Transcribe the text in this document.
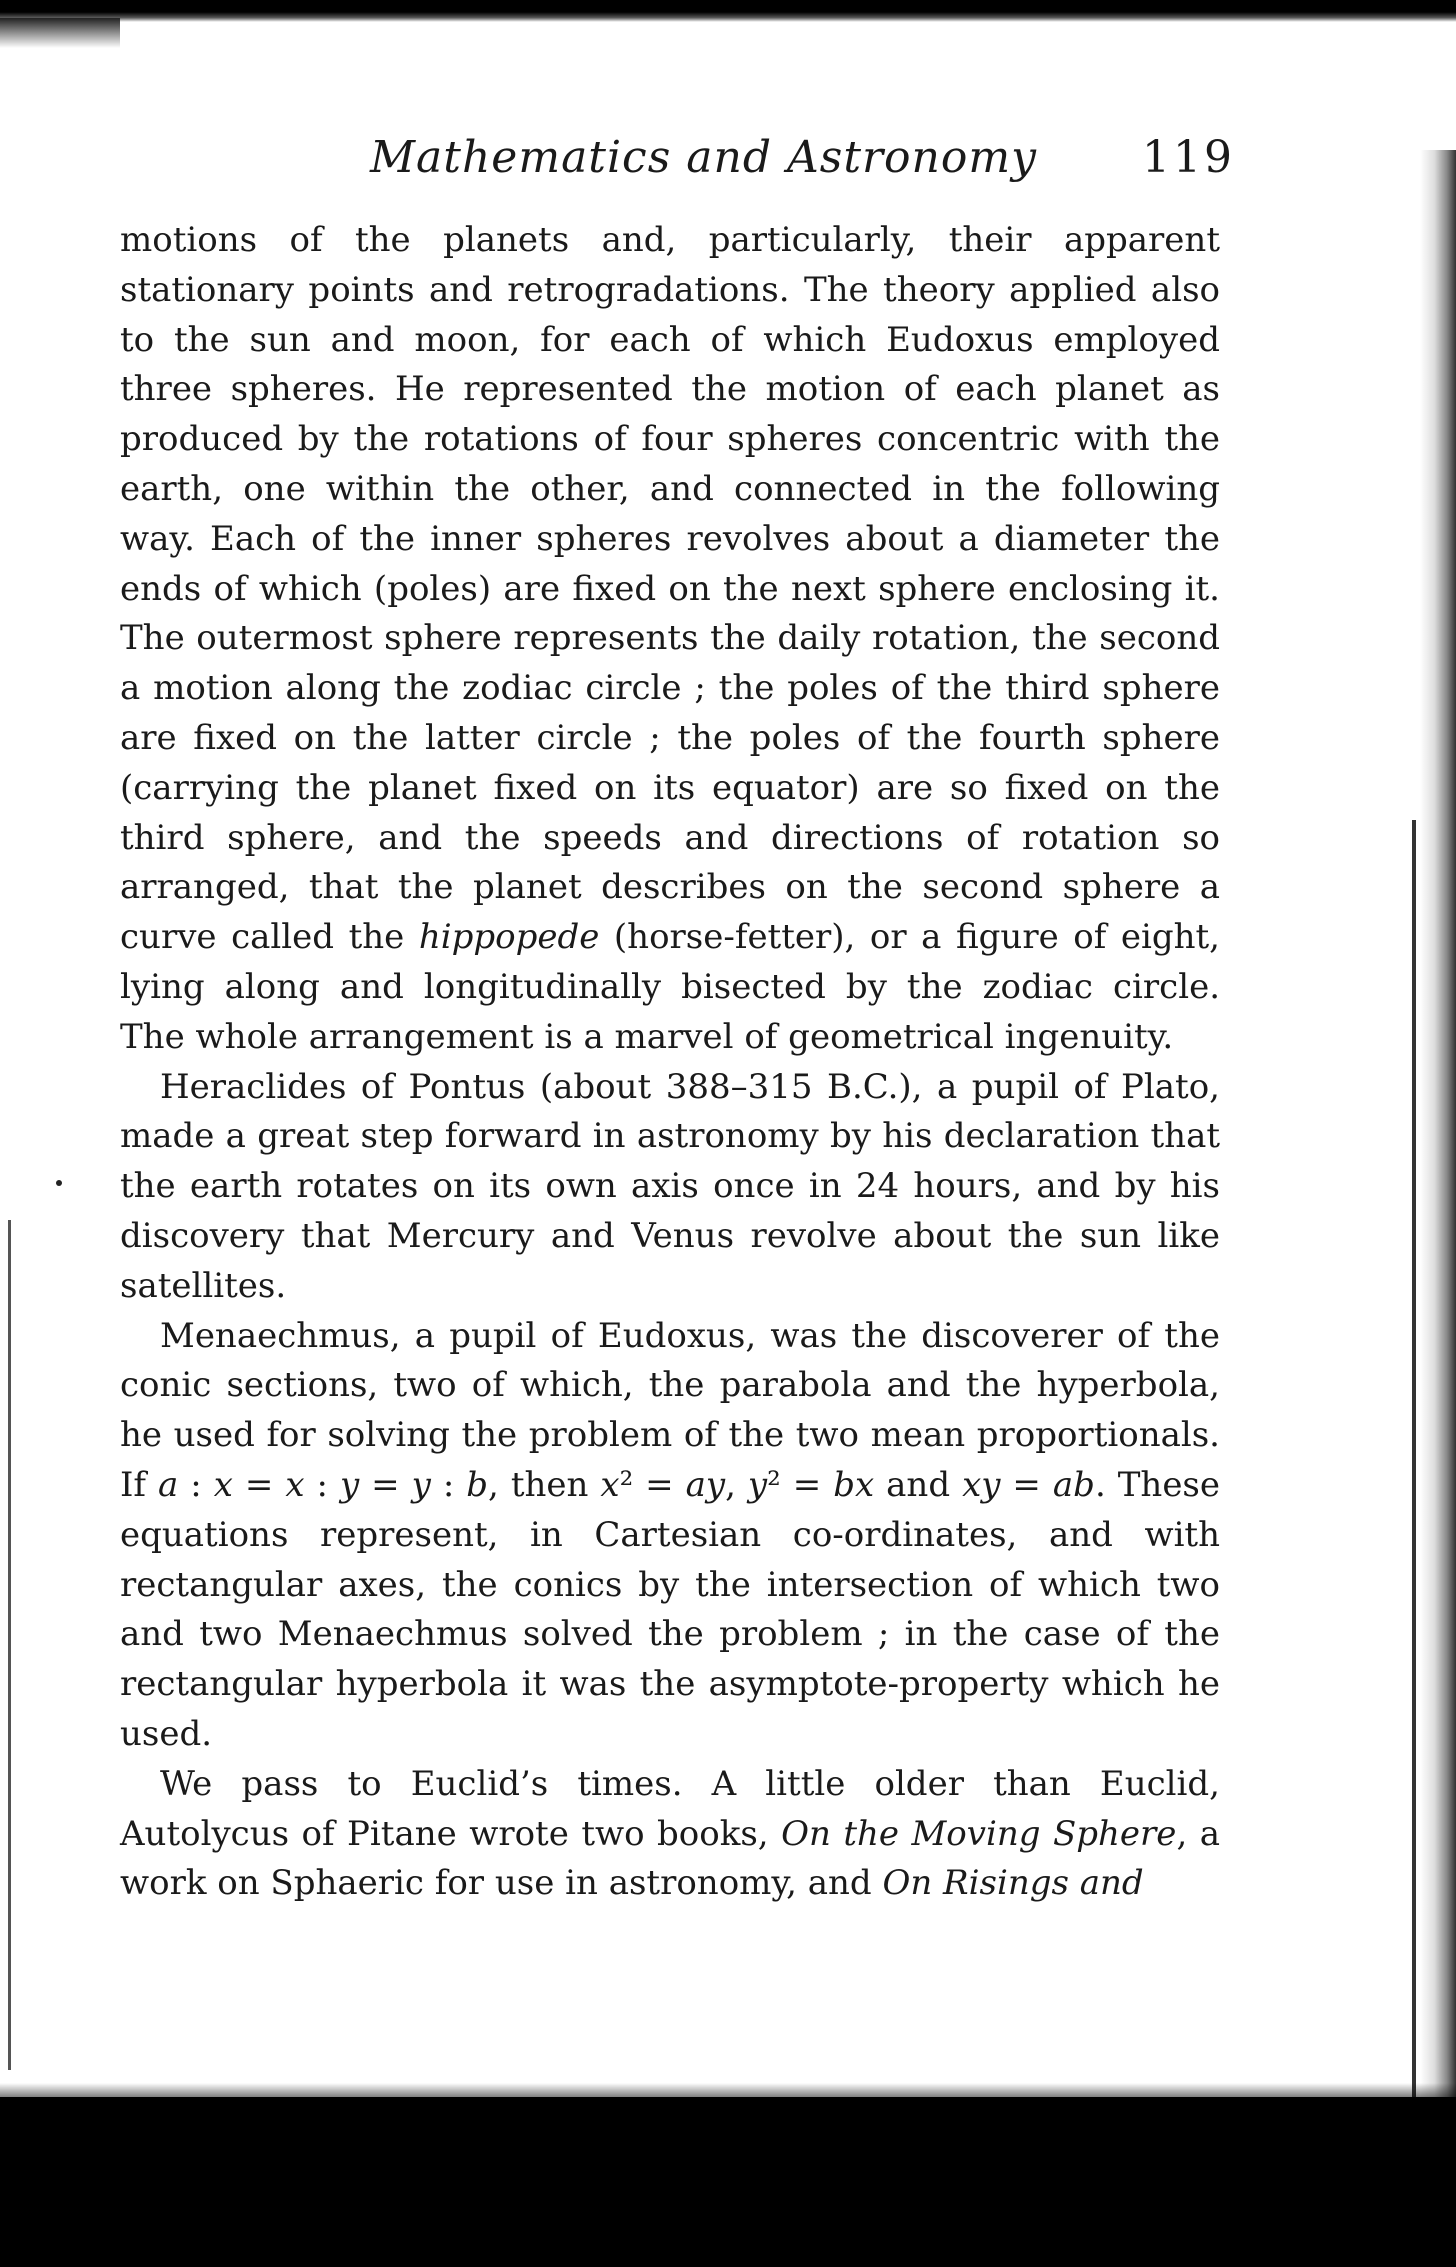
Mathematics and Astronomy 119

motions of the planets and, particularly, their apparent stationary points and retrogradations. The theory applied also to the sun and moon, for each of which Eudoxus employed three spheres. He represented the motion of each planet as produced by the rotations of four spheres concentric with the earth, one within the other, and connected in the following way. Each of the inner spheres revolves about a diameter the ends of which (poles) are fixed on the next sphere enclosing it. The outermost sphere represents the daily rotation, the second a motion along the zodiac circle ; the poles of the third sphere are fixed on the latter circle ; the poles of the fourth sphere (carrying the planet fixed on its equator) are so fixed on the third sphere, and the speeds and directions of rotation so arranged, that the planet describes on the second sphere a curve called the hippopede (horse-fetter), or a figure of eight, lying along and longitudinally bisected by the zodiac circle. The whole arrangement is a marvel of geometrical ingenuity.

Heraclides of Pontus (about 388–315 B.C.), a pupil of Plato, made a great step forward in astronomy by his declaration that the earth rotates on its own axis once in 24 hours, and by his discovery that Mercury and Venus revolve about the sun like satellites.

Menaechmus, a pupil of Eudoxus, was the discoverer of the conic sections, two of which, the parabola and the hyperbola, he used for solving the problem of the two mean proportionals. If a : x = x : y = y : b, then x² = ay, y² = bx and xy = ab. These equations represent, in Cartesian co-ordinates, and with rectangular axes, the conics by the intersection of which two and two Menaechmus solved the problem ; in the case of the rectangular hyperbola it was the asymptote-property which he used.

We pass to Euclid’s times. A little older than Euclid, Autolycus of Pitane wrote two books, On the Moving Sphere, a work on Sphaeric for use in astronomy, and On Risings and
